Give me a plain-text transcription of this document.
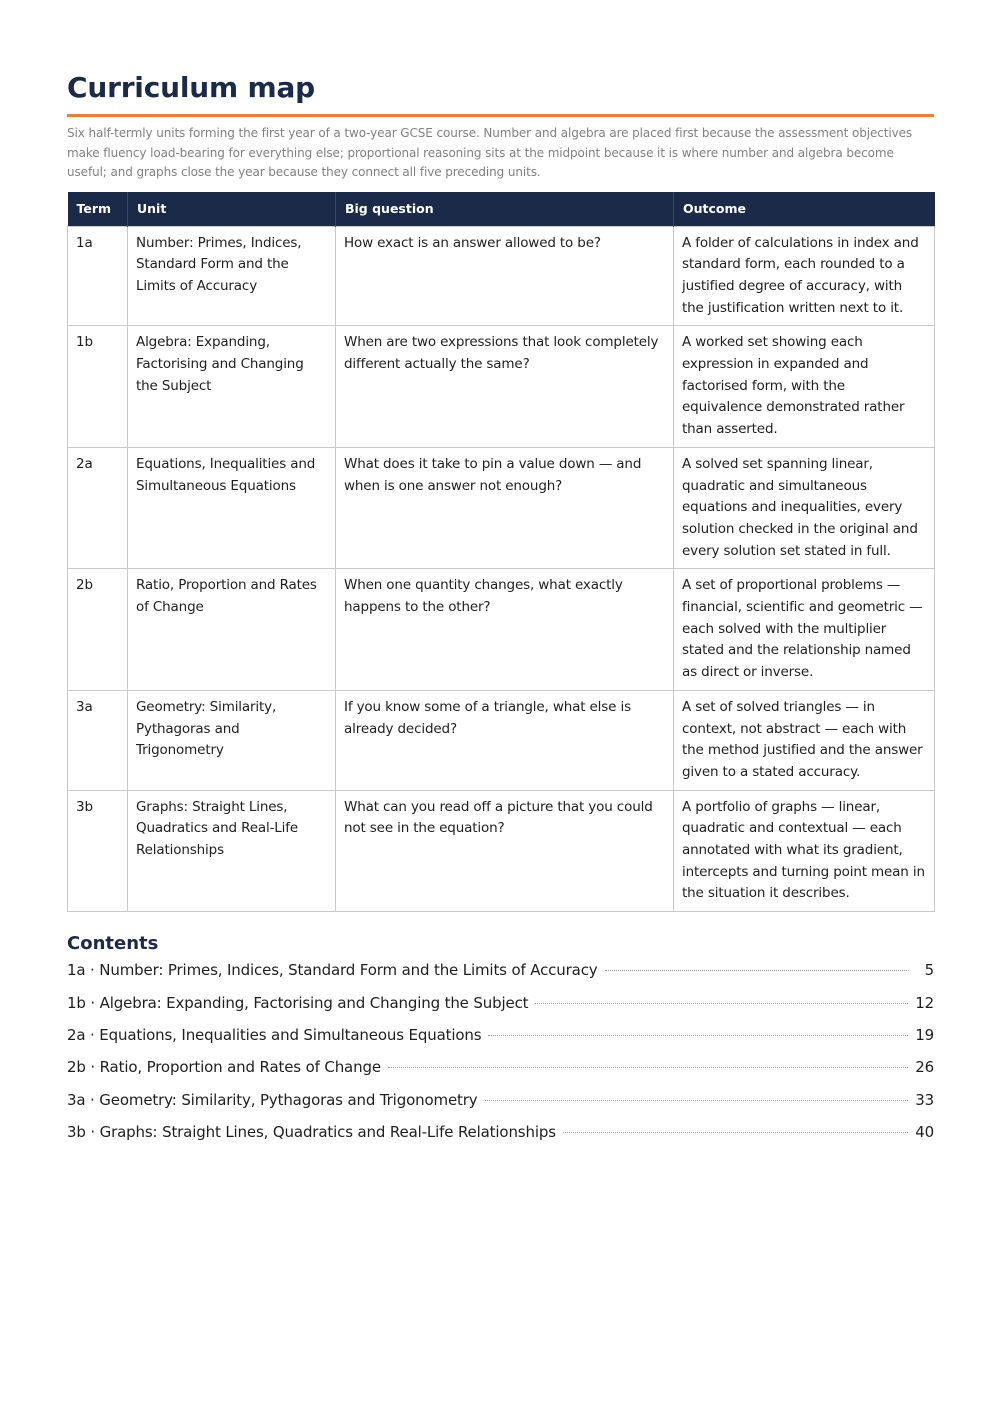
Curriculum map

Six half-termly units forming the first year of a two-year GCSE course. Number and algebra are placed first because the assessment objectives make fluency load-bearing for everything else; proportional reasoning sits at the midpoint because it is where number and algebra become useful; and graphs close the year because they connect all five preceding units.

Term	Unit	Big question	Outcome
1a	Number: Primes, Indices, Standard Form and the Limits of Accuracy	How exact is an answer allowed to be?	A folder of calculations in index and standard form, each rounded to a justified degree of accuracy, with the justification written next to it.
1b	Algebra: Expanding, Factorising and Changing the Subject	When are two expressions that look completely different actually the same?	A worked set showing each expression in expanded and factorised form, with the equivalence demonstrated rather than asserted.
2a	Equations, Inequalities and Simultaneous Equations	What does it take to pin a value down — and when is one answer not enough?	A solved set spanning linear, quadratic and simultaneous equations and inequalities, every solution checked in the original and every solution set stated in full.
2b	Ratio, Proportion and Rates of Change	When one quantity changes, what exactly happens to the other?	A set of proportional problems — financial, scientific and geometric — each solved with the multiplier stated and the relationship named as direct or inverse.
3a	Geometry: Similarity, Pythagoras and Trigonometry	If you know some of a triangle, what else is already decided?	A set of solved triangles — in context, not abstract — each with the method justified and the answer given to a stated accuracy.
3b	Graphs: Straight Lines, Quadratics and Real-Life Relationships	What can you read off a picture that you could not see in the equation?	A portfolio of graphs — linear, quadratic and contextual — each annotated with what its gradient, intercepts and turning point mean in the situation it describes.
Contents
1a · Number: Primes, Indices, Standard Form and the Limits of Accuracy	5
1b · Algebra: Expanding, Factorising and Changing the Subject	12
2a · Equations, Inequalities and Simultaneous Equations	19
2b · Ratio, Proportion and Rates of Change	26
3a · Geometry: Similarity, Pythagoras and Trigonometry	33
3b · Graphs: Straight Lines, Quadratics and Real-Life Relationships	40
